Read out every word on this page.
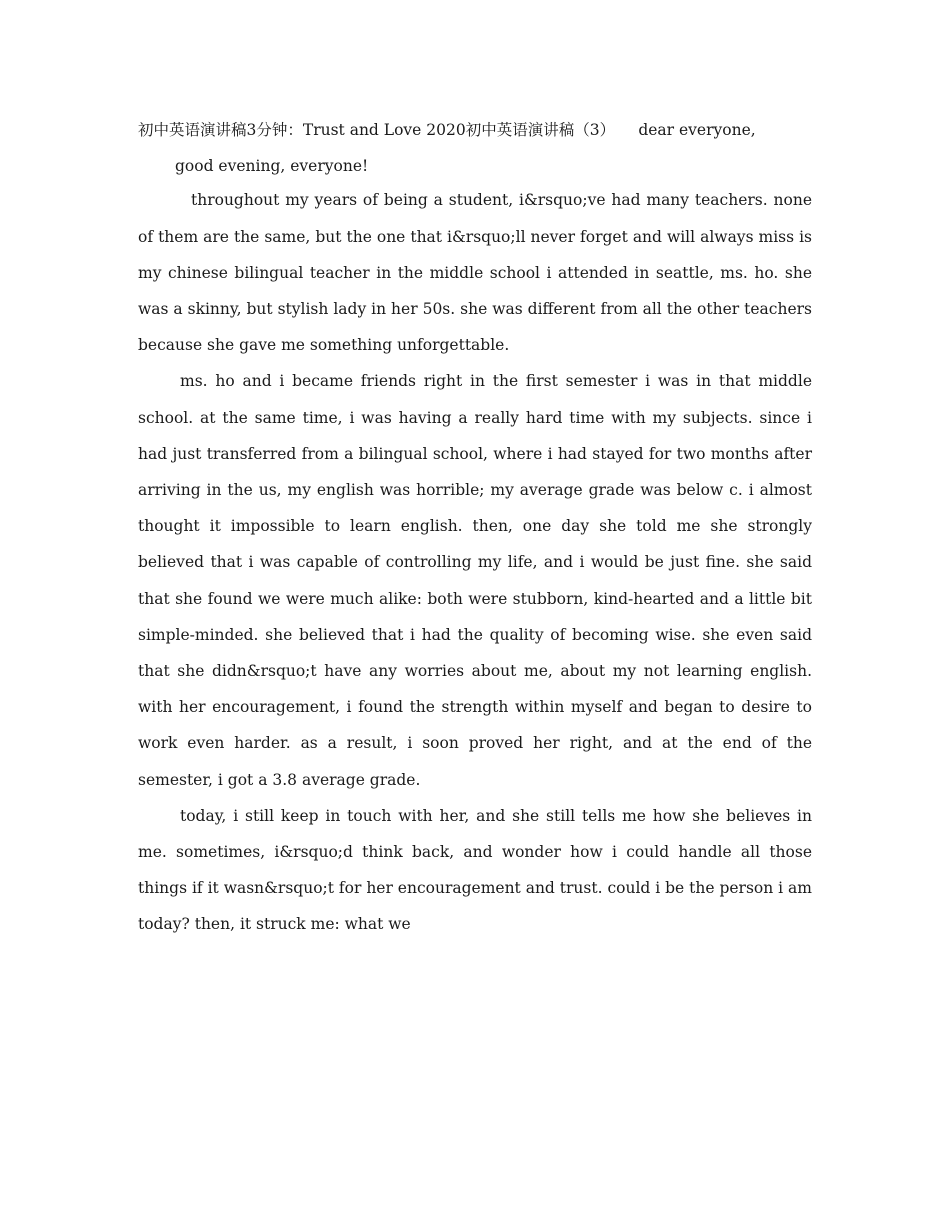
初中英语演讲稿3分钟：Trust and Love 2020初中英语演讲稿（3）　　dear everyone,

good evening, everyone!

throughout my years of being a student, i&rsquo;ve had many teachers. none of them are the same, but the one that i&rsquo;ll never forget and will always miss is my chinese bilingual teacher in the middle school i attended in seattle, ms. ho. she was a skinny, but stylish lady in her 50s. she was different from all the other teachers because she gave me something unforgettable.

ms. ho and i became friends right in the first semester i was in that middle school. at the same time, i was having a really hard time with my subjects. since i had just transferred from a bilingual school, where i had stayed for two months after arriving in the us, my english was horrible; my average grade was below c. i almost thought it impossible to learn english. then, one day she told me she strongly believed that i was capable of controlling my life, and i would be just fine. she said that she found we were much alike: both were stubborn, kind-hearted and a little bit simple-minded. she believed that i had the quality of becoming wise. she even said that she didn&rsquo;t have any worries about me, about my not learning english. with her encouragement, i found the strength within myself and began to desire to work even harder. as a result, i soon proved her right, and at the end of the semester, i got a 3.8 average grade.

today, i still keep in touch with her, and she still tells me how she believes in me. sometimes, i&rsquo;d think back, and wonder how i could handle all those things if it wasn&rsquo;t for her encouragement and trust. could i be the person i am today? then, it struck me: what we
